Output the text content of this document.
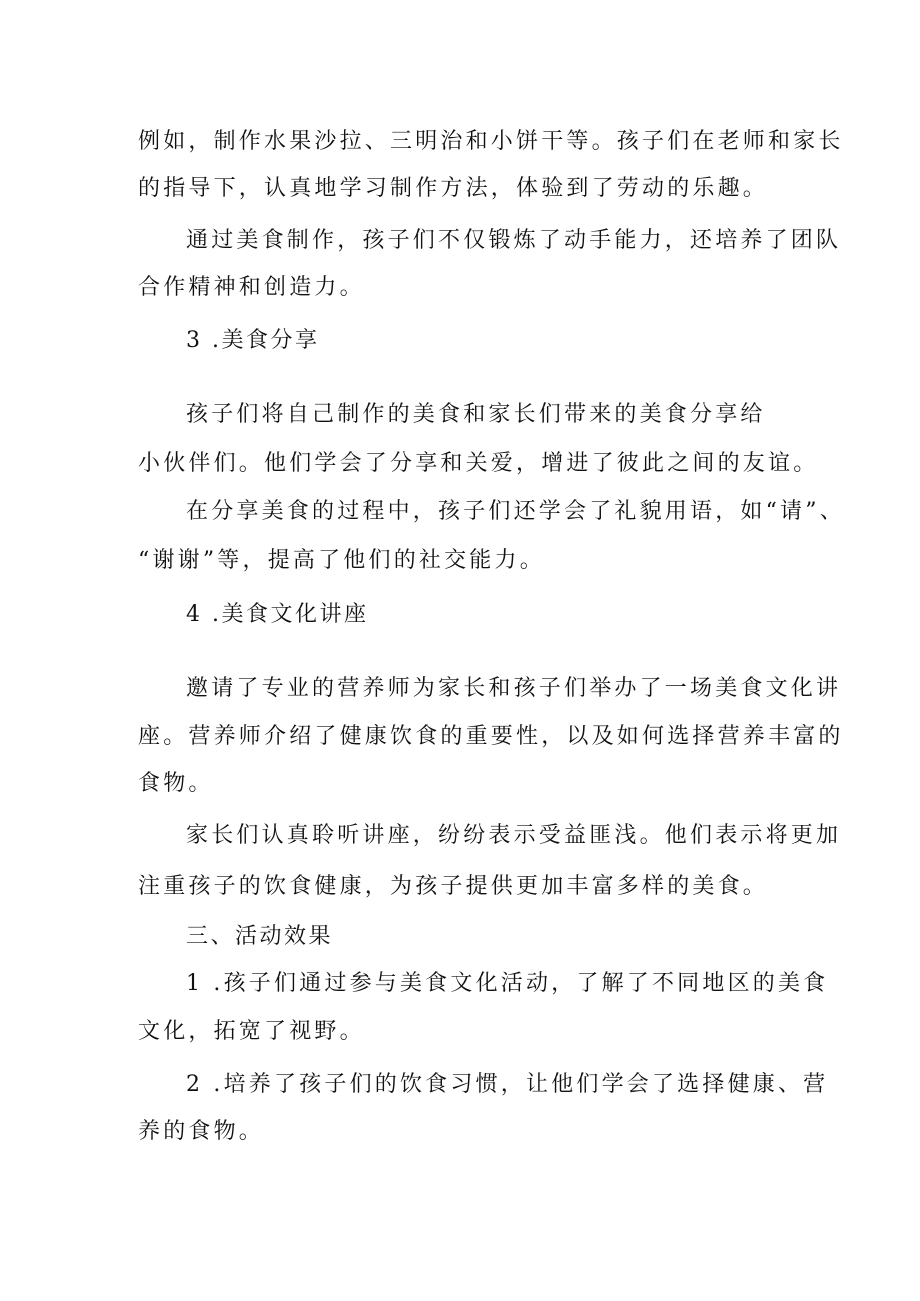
例如，制作水果沙拉、三明治和小饼干等。孩子们在老师和家长
的指导下，认真地学习制作方法，体验到了劳动的乐趣。
通过美食制作，孩子们不仅锻炼了动手能力，还培养了团队
合作精神和创造力。
3 .美食分享
孩子们将自己制作的美食和家长们带来的美食分享给
小伙伴们。他们学会了分享和关爱，增进了彼此之间的友谊。
在分享美食的过程中，孩子们还学会了礼貌用语，如“请”、
“谢谢”等，提高了他们的社交能力。
4 .美食文化讲座
邀请了专业的营养师为家长和孩子们举办了一场美食文化讲
座。营养师介绍了健康饮食的重要性，以及如何选择营养丰富的
食物。
家长们认真聆听讲座，纷纷表示受益匪浅。他们表示将更加
注重孩子的饮食健康，为孩子提供更加丰富多样的美食。
三、活动效果
1 .孩子们通过参与美食文化活动，了解了不同地区的美食
文化，拓宽了视野。
2 .培养了孩子们的饮食习惯，让他们学会了选择健康、营
养的食物。
